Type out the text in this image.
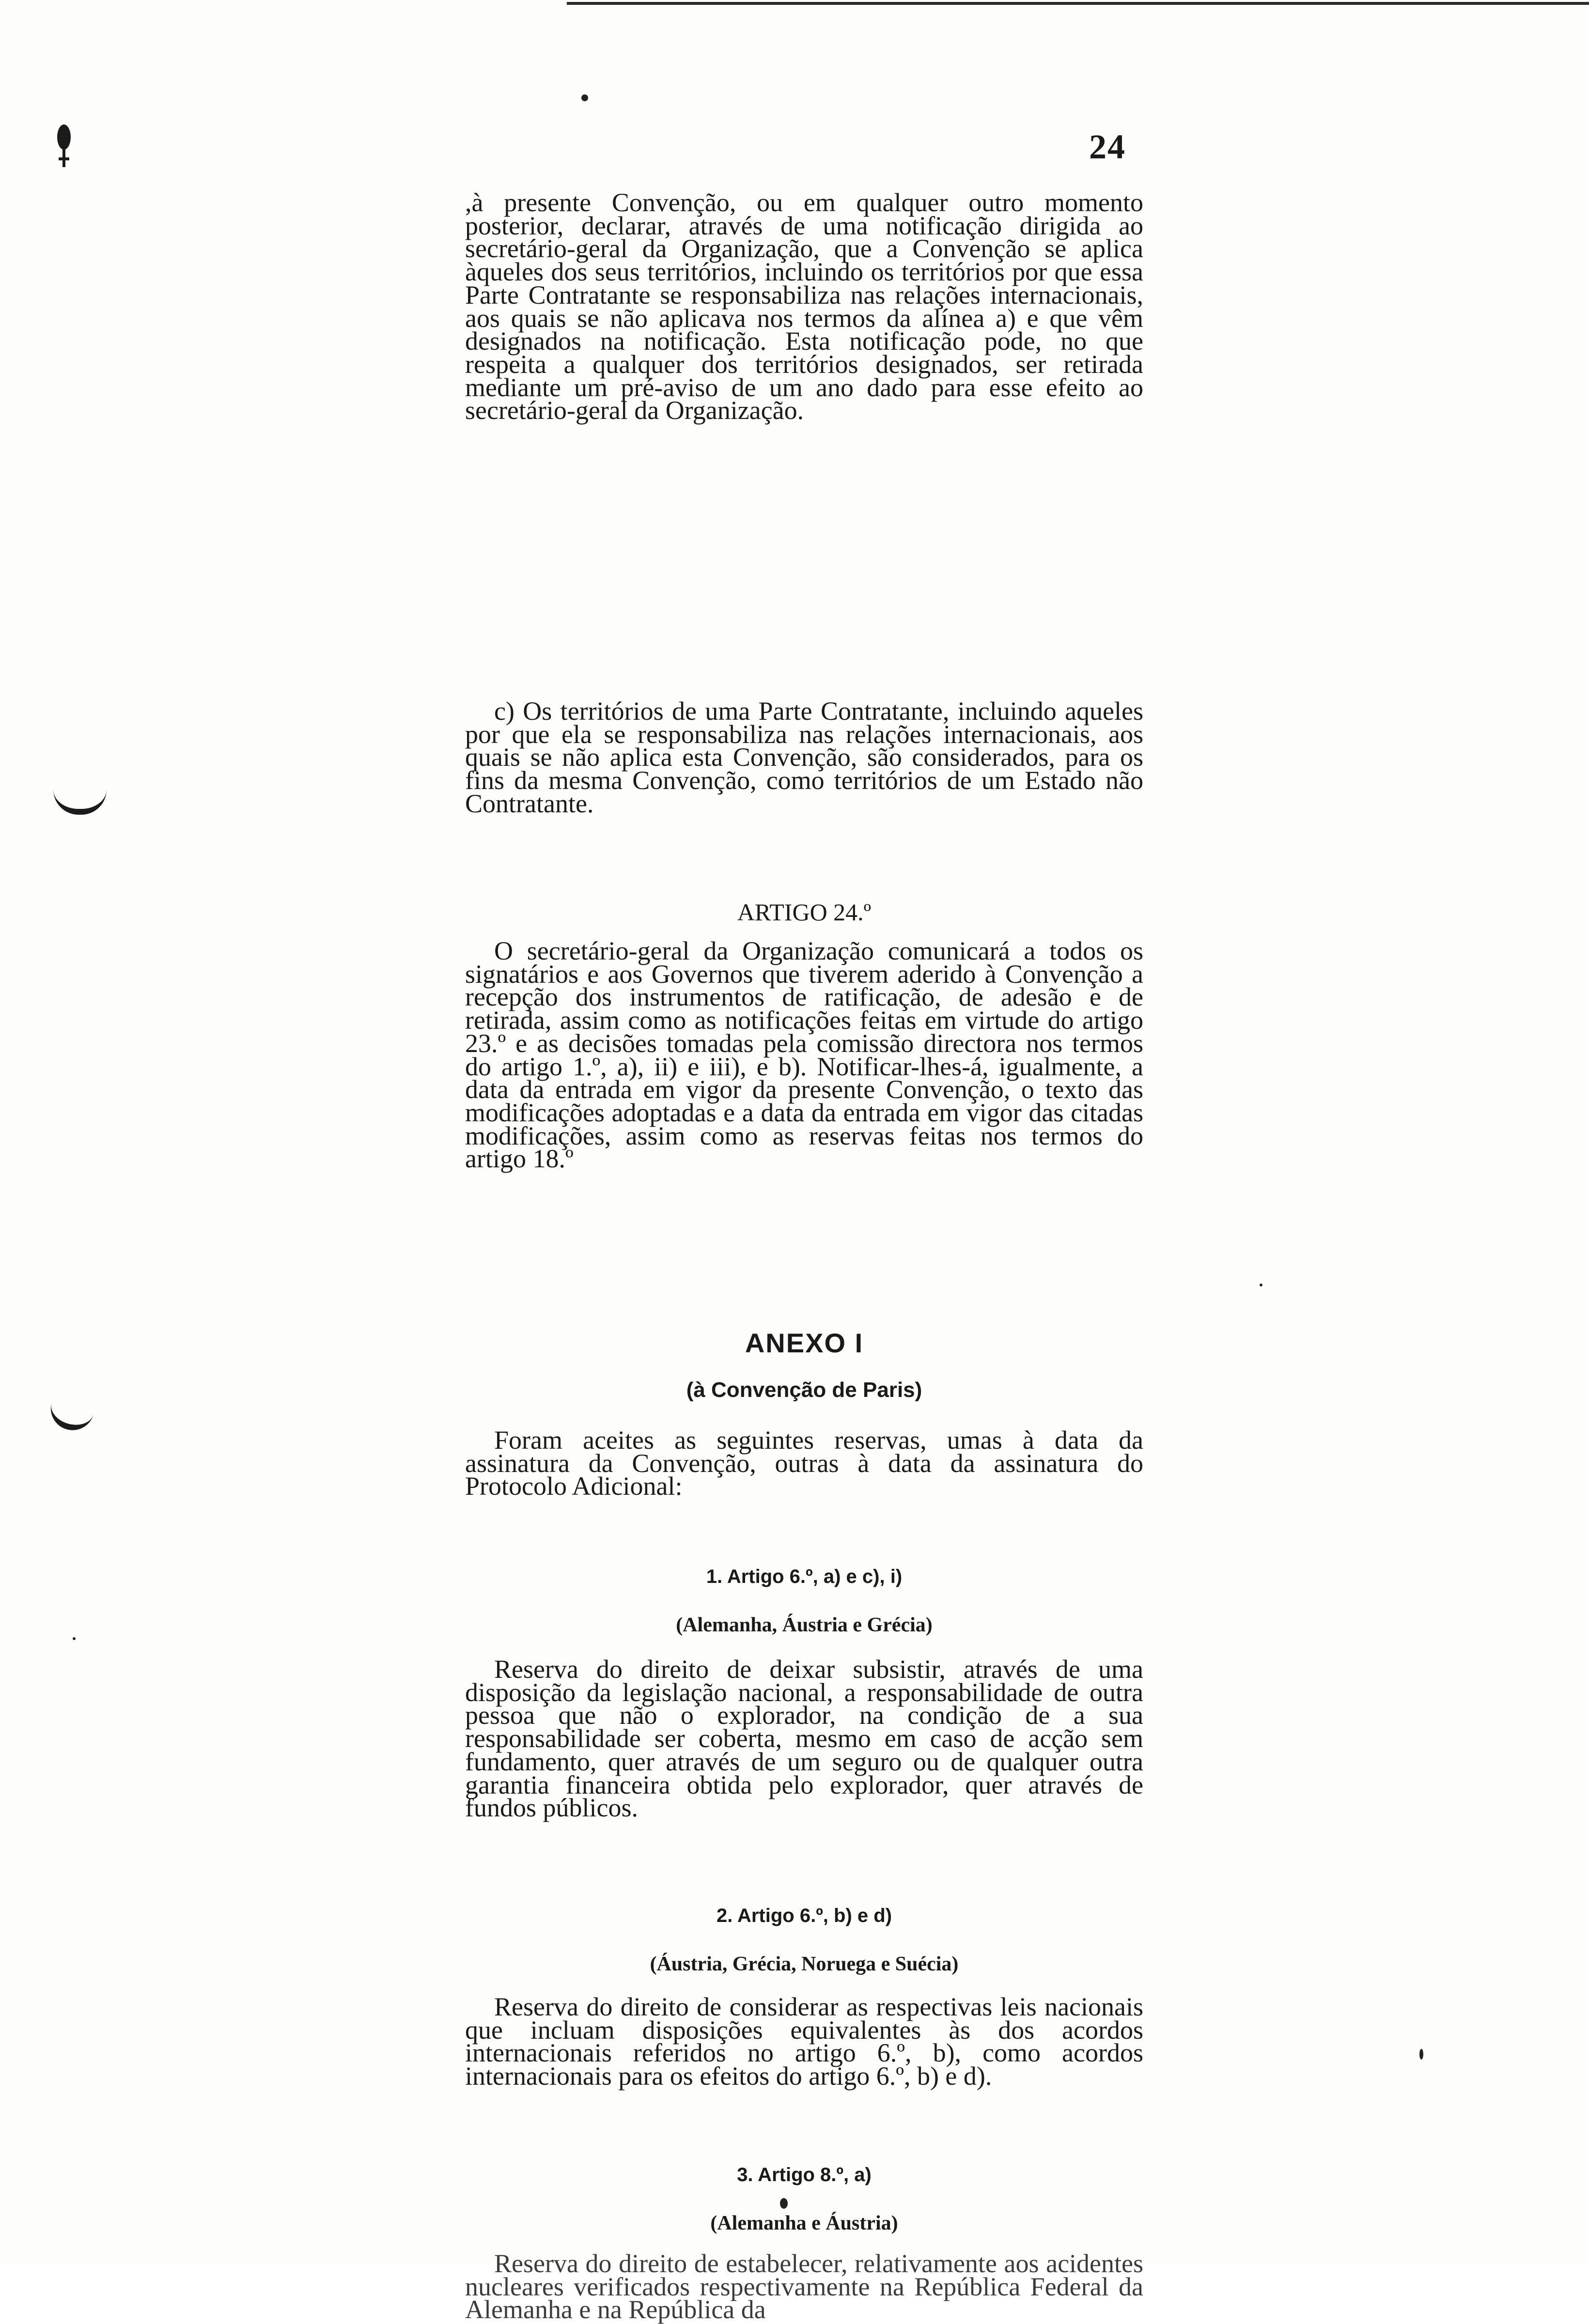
24

,à presente Convenção, ou em qualquer outro momento posterior, declarar, através de uma notificação dirigida ao secretário-geral da Organização, que a Convenção se aplica àqueles dos seus territórios, incluindo os territórios por que essa Parte Contratante se responsabiliza nas relações internacionais, aos quais se não aplicava nos termos da alínea a) e que vêm designados na notificação. Esta notificação pode, no que respeita a qualquer dos territórios designados, ser retirada mediante um pré-aviso de um ano dado para esse efeito ao secretário-geral da Organização.

c) Os territórios de uma Parte Contratante, incluindo aqueles por que ela se responsabiliza nas relações internacionais, aos quais se não aplica esta Convenção, são considerados, para os fins da mesma Convenção, como territórios de um Estado não Contratante.

ARTIGO 24.º

O secretário-geral da Organização comunicará a todos os signatários e aos Governos que tiverem aderido à Convenção a recepção dos instrumentos de ratificação, de adesão e de retirada, assim como as notificações feitas em virtude do artigo 23.º e as decisões tomadas pela comissão directora nos termos do artigo 1.º, a), ii) e iii), e b). Notificar-lhes-á, igualmente, a data da entrada em vigor da presente Convenção, o texto das modificações adoptadas e a data da entrada em vigor das citadas modificações, assim como as reservas feitas nos termos do artigo 18.º

ANEXO I
(à Convenção de Paris)

Foram aceites as seguintes reservas, umas à data da assinatura da Convenção, outras à data da assinatura do Protocolo Adicional:

1. Artigo 6.º, a) e c), i)
(Alemanha, Áustria e Grécia)

Reserva do direito de deixar subsistir, através de uma disposição da legislação nacional, a responsabilidade de outra pessoa que não o explorador, na condição de a sua responsabilidade ser coberta, mesmo em caso de acção sem fundamento, quer através de um seguro ou de qualquer outra garantia financeira obtida pelo explorador, quer através de fundos públicos.

2. Artigo 6.º, b) e d)
(Áustria, Grécia, Noruega e Suécia)

Reserva do direito de considerar as respectivas leis nacionais que incluam disposições equivalentes às dos acordos internacionais referidos no artigo 6.º, b), como acordos internacionais para os efeitos do artigo 6.º, b) e d).

3. Artigo 8.º, a)
(Alemanha e Áustria)

Reserva do direito de estabelecer, relativamente aos acidentes nucleares verificados respectivamente na República Federal da Alemanha e na República da
